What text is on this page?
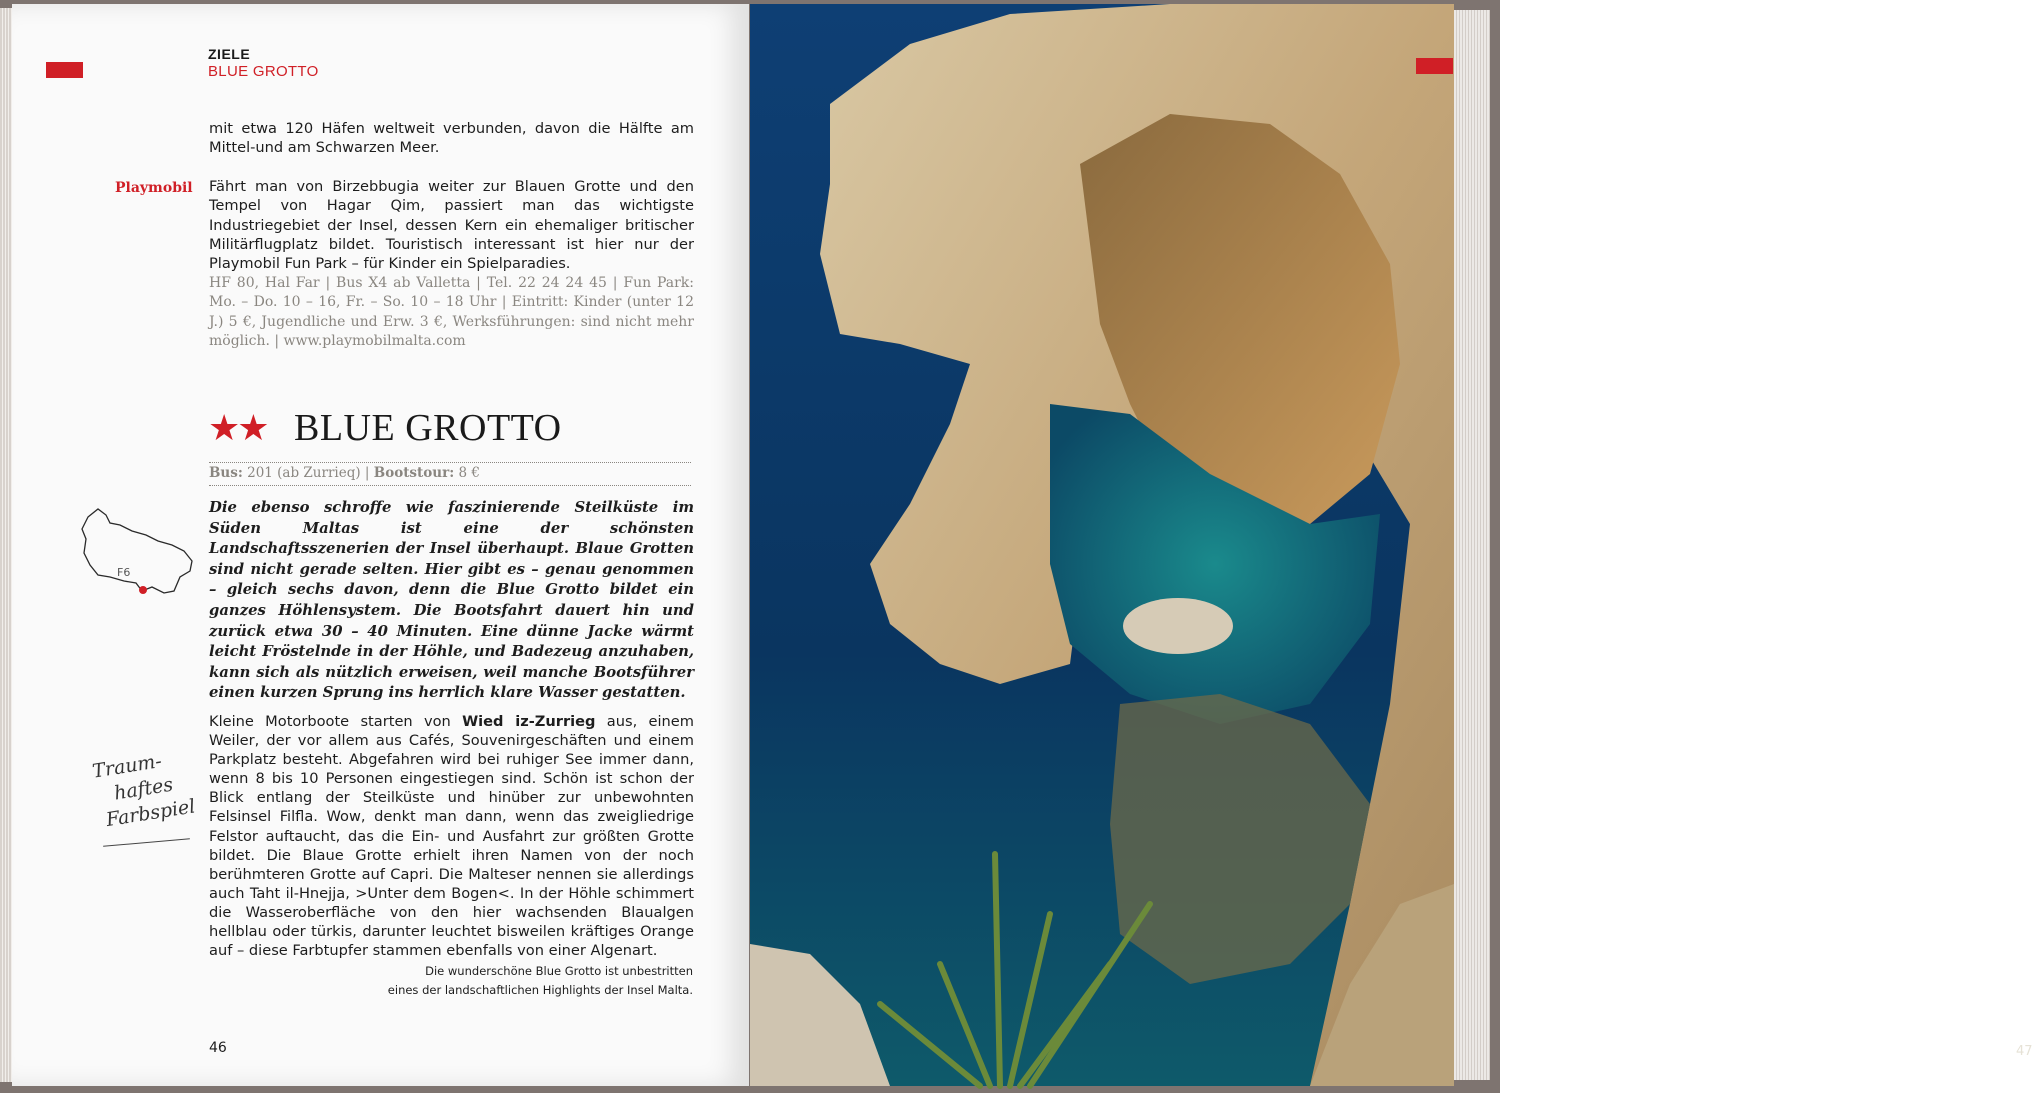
ZIELE
BLUE GROTTO
mit etwa 120 Häfen weltweit verbunden, davon die Hälfte am Mittel-und am Schwarzen Meer.
Playmobil Fährt man von Birzebbugia weiter zur Blauen Grotte und den Tempel von Hagar Qim, passiert man das wichtigste Industriegebiet der Insel, dessen Kern ein ehemaliger britischer Militärflugplatz bildet. Touristisch interessant ist hier nur der Playmobil Fun Park – für Kinder ein Spielparadies.
HF 80, Hal Far | Bus X4 ab Valletta | Tel. 22 24 24 45 | Fun Park: Mo. – Do. 10 – 16, Fr. – So. 10 – 18 Uhr | Eintritt: Kinder (unter 12 J.) 5 €, Jugendliche und Erw. 3 €, Werksführungen: sind nicht mehr möglich. | www.playmobilmalta.com
★★ BLUE GROTTO
Bus: 201 (ab Zurrieq) | Bootstour: 8 €
F6
Die ebenso schroffe wie faszinierende Steilküste im Süden Maltas ist eine der schönsten Landschaftsszenerien der Insel überhaupt. Blaue Grotten sind nicht gerade selten. Hier gibt es – genau genommen – gleich sechs davon, denn die Blue Grotto bildet ein ganzes Höhlensystem. Die Bootsfahrt dauert hin und zurück etwa 30 – 40 Minuten. Eine dünne Jacke wärmt leicht Fröstelnde in der Höhle, und Badezeug anzuhaben, kann sich als nützlich erweisen, weil manche Bootsführer einen kurzen Sprung ins herrlich klare Wasser gestatten.
Kleine Motorboote starten von Wied iz-Zurrieg aus, einem Weiler, der vor allem aus Cafés, Souvenirgeschäften und einem Parkplatz besteht. Abgefahren wird bei ruhiger See immer dann, wenn 8 bis 10 Personen eingestiegen sind. Schön ist schon der Blick entlang der Steilküste und hinüber zur unbewohnten Felsinsel Filfla. Wow, denkt man dann, wenn das zweigliedrige Felstor auftaucht, das die Ein- und Ausfahrt zur größten Grotte bildet. Die Blaue Grotte erhielt ihren Namen von der noch berühmteren Grotte auf Capri. Die Malteser nennen sie allerdings auch Taht il-Hnejja, >Unter dem Bogen<. In der Höhle schimmert die Wasseroberfläche von den hier wachsenden Blaualgen hellblau oder türkis, darunter leuchtet bisweilen kräftiges Orange auf – diese Farbtupfer stammen ebenfalls von einer Algenart.
Traum-
haftes
Farbspiel
Die wunderschöne Blue Grotto ist unbestritten
eines der landschaftlichen Highlights der Insel Malta.
46	47
